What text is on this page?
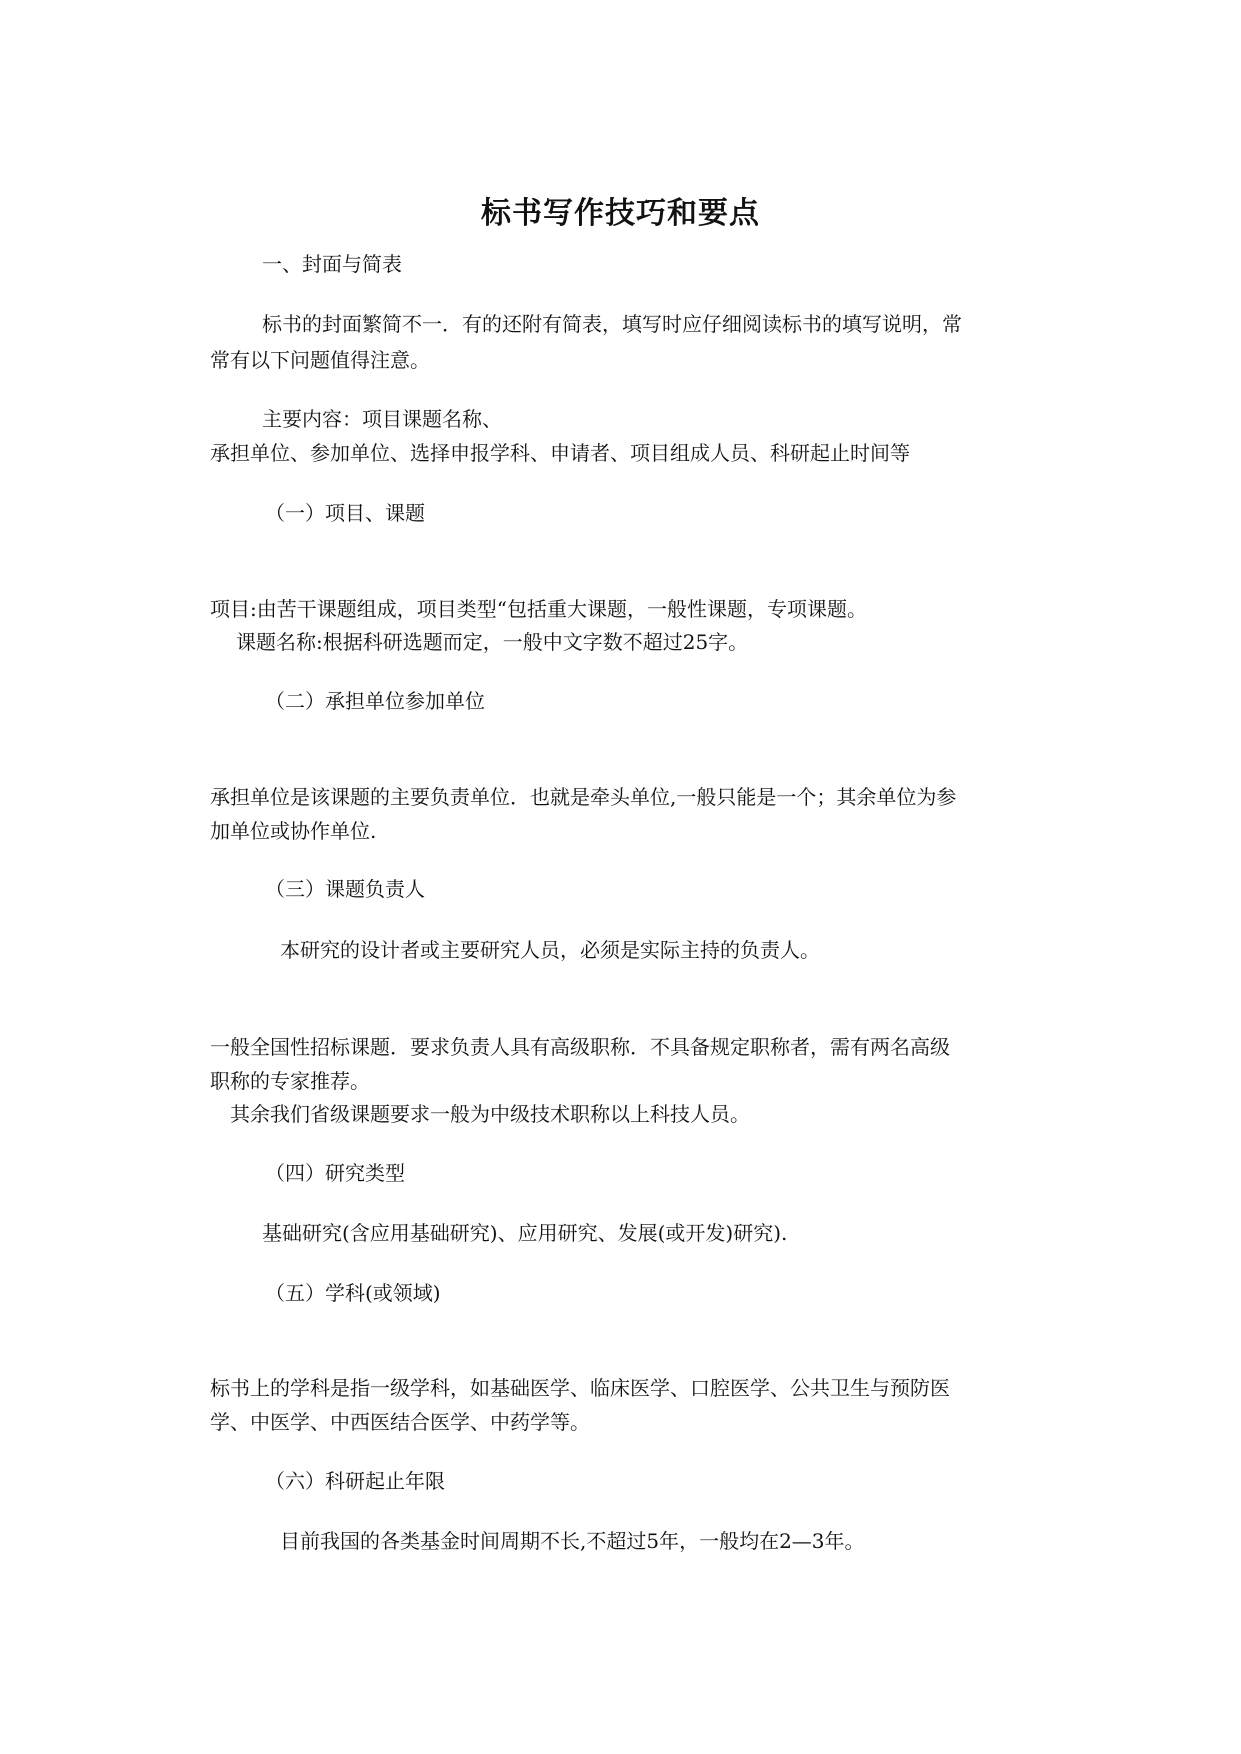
标书写作技巧和要点
一、封面与简表
标书的封面繁简不一．有的还附有简表，填写时应仔细阅读标书的填写说明，常
常有以下问题值得注意。
主要内容：项目课题名称、
承担单位、参加单位、选择申报学科、申请者、项目组成人员、科研起止时间等
（一）项目、课题
项目:由苦干课题组成，项目类型“包括重大课题，一般性课题，专项课题。
课题名称:根据科研选题而定，一般中文字数不超过25字。
（二）承担单位参加单位
承担单位是该课题的主要负责单位．也就是牵头单位,一般只能是一个；其余单位为参
加单位或协作单位.
（三）课题负责人
本研究的设计者或主要研究人员，必须是实际主持的负责人。
一般全国性招标课题．要求负责人具有高级职称．不具备规定职称者，需有两名高级
职称的专家推荐。
其余我们省级课题要求一般为中级技术职称以上科技人员。
（四）研究类型
基础研究(含应用基础研究)、应用研究、发展(或开发)研究).
（五）学科(或领域)
标书上的学科是指一级学科，如基础医学、临床医学、口腔医学、公共卫生与预防医
学、中医学、中西医结合医学、中药学等。
（六）科研起止年限
目前我国的各类基金时间周期不长,不超过5年，一般均在2—3年。
